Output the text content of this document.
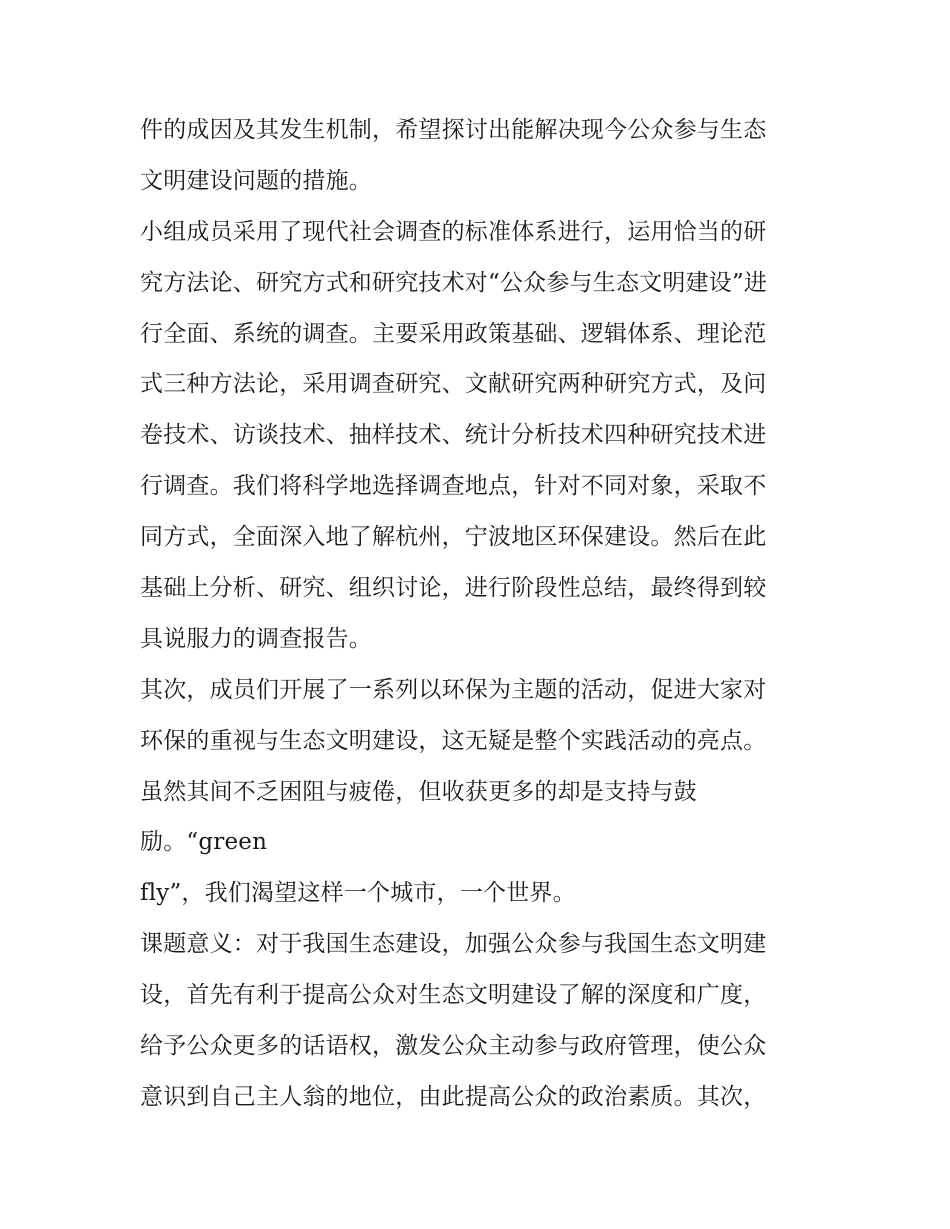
件的成因及其发生机制，希望探讨出能解决现今公众参与生态
文明建设问题的措施。
小组成员采用了现代社会调查的标准体系进行，运用恰当的研
究方法论、研究方式和研究技术对“公众参与生态文明建设”进
行全面、系统的调查。主要采用政策基础、逻辑体系、理论范
式三种方法论，采用调查研究、文献研究两种研究方式，及问
卷技术、访谈技术、抽样技术、统计分析技术四种研究技术进
行调查。我们将科学地选择调查地点，针对不同对象，采取不
同方式，全面深入地了解杭州，宁波地区环保建设。然后在此
基础上分析、研究、组织讨论，进行阶段性总结，最终得到较
具说服力的调查报告。
其次，成员们开展了一系列以环保为主题的活动，促进大家对
环保的重视与生态文明建设，这无疑是整个实践活动的亮点。
虽然其间不乏困阻与疲倦，但收获更多的却是支持与鼓
励。“green
fly”，我们渴望这样一个城市，一个世界。
课题意义：对于我国生态建设，加强公众参与我国生态文明建
设，首先有利于提高公众对生态文明建设了解的深度和广度，
给予公众更多的话语权，激发公众主动参与政府管理，使公众
意识到自己主人翁的地位，由此提高公众的政治素质。其次，
